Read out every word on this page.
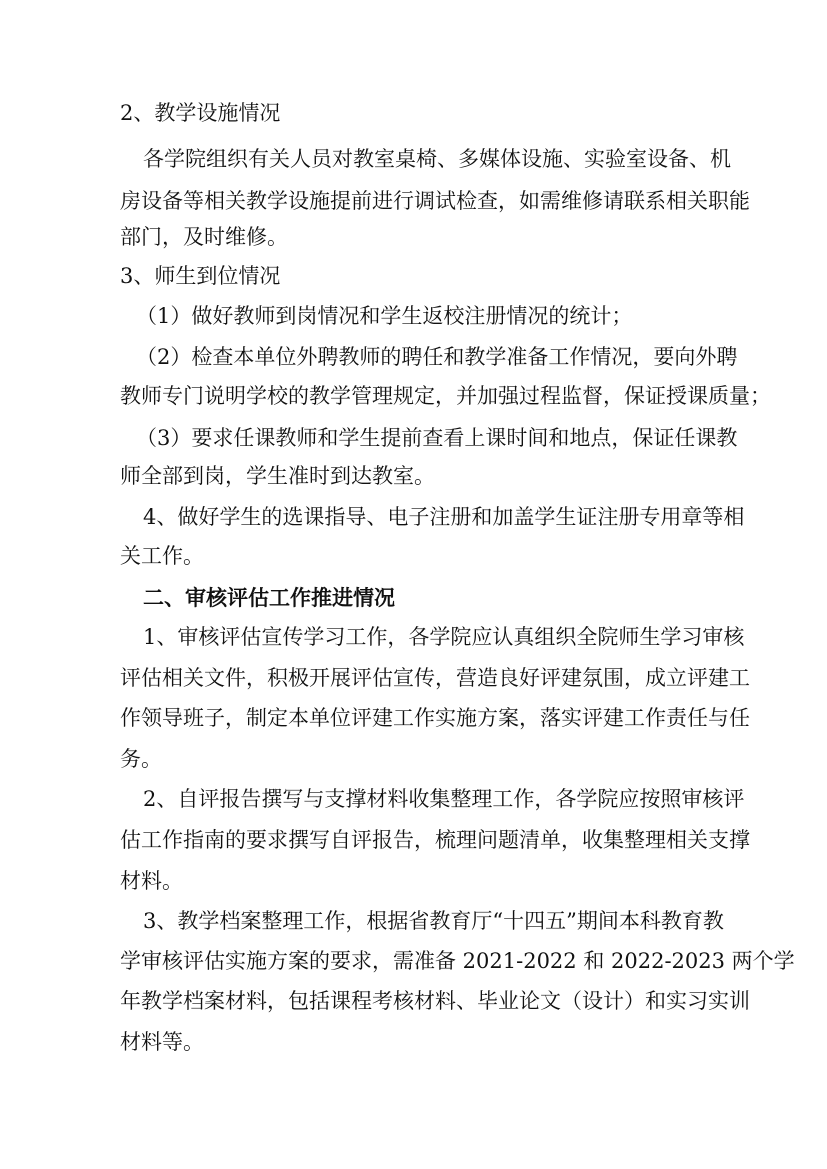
2、教学设施情况
各学院组织有关人员对教室桌椅、多媒体设施、实验室设备、机
房设备等相关教学设施提前进行调试检查，如需维修请联系相关职能
部门，及时维修。
3、师生到位情况
（1）做好教师到岗情况和学生返校注册情况的统计；
（2）检查本单位外聘教师的聘任和教学准备工作情况，要向外聘
教师专门说明学校的教学管理规定，并加强过程监督，保证授课质量；
（3）要求任课教师和学生提前查看上课时间和地点，保证任课教
师全部到岗，学生准时到达教室。
4、做好学生的选课指导、电子注册和加盖学生证注册专用章等相
关工作。
二、审核评估工作推进情况
1、审核评估宣传学习工作，各学院应认真组织全院师生学习审核
评估相关文件，积极开展评估宣传，营造良好评建氛围，成立评建工
作领导班子，制定本单位评建工作实施方案，落实评建工作责任与任
务。
2、自评报告撰写与支撑材料收集整理工作，各学院应按照审核评
估工作指南的要求撰写自评报告，梳理问题清单，收集整理相关支撑
材料。
3、教学档案整理工作，根据省教育厅“十四五”期间本科教育教
学审核评估实施方案的要求，需准备 2021-2022 和 2022-2023 两个学
年教学档案材料，包括课程考核材料、毕业论文（设计）和实习实训
材料等。
